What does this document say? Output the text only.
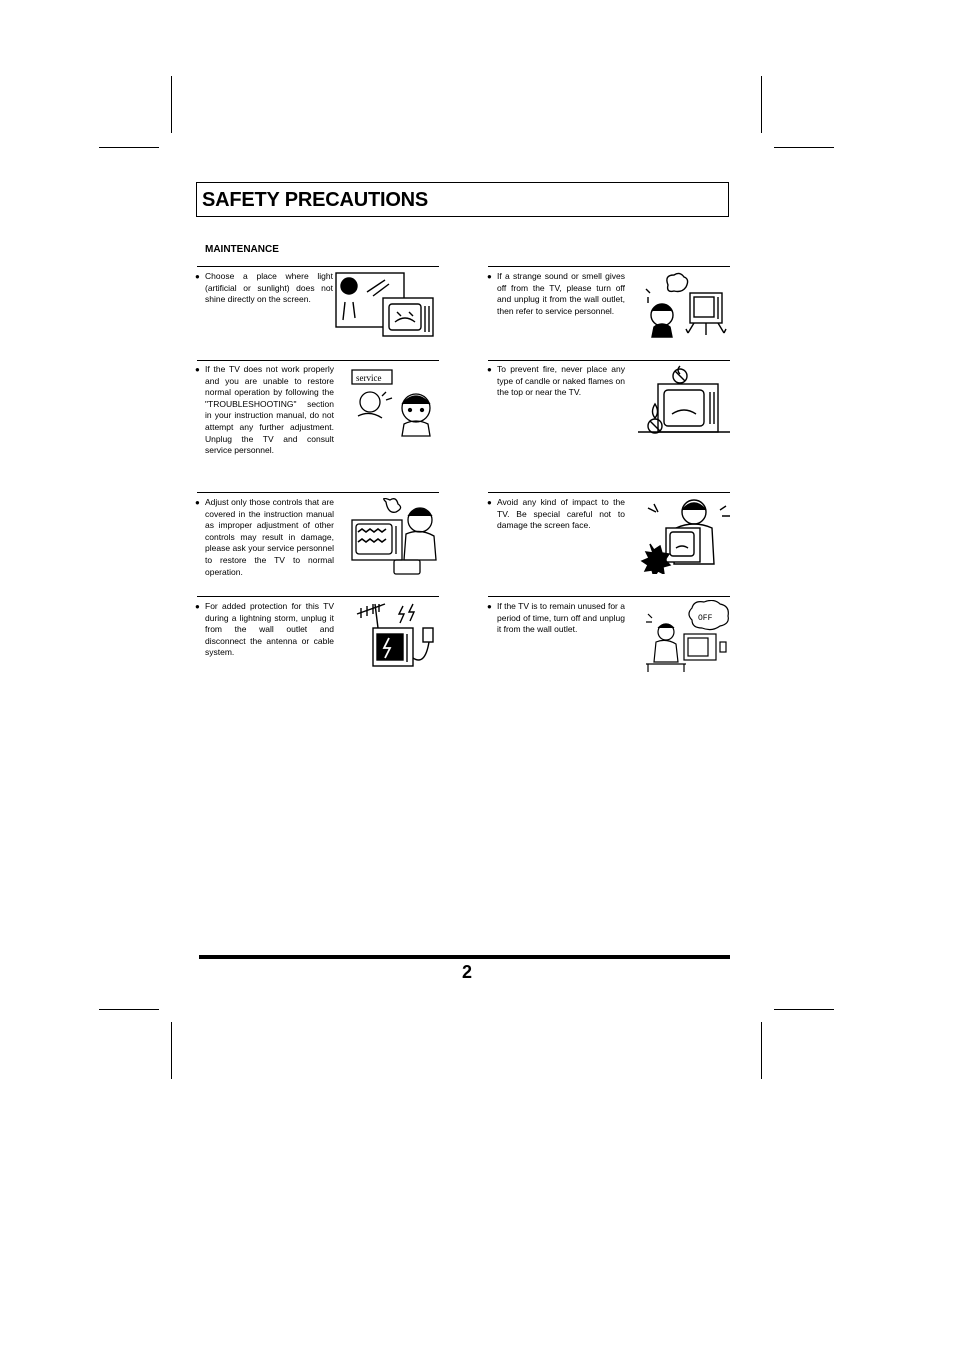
SAFETY PRECAUTIONS
MAINTENANCE
● Choose a place where light (artificial or sunlight) does not shine directly on the screen.
● If a strange sound or smell gives off from the TV, please turn off and unplug it from the wall outlet, then refer to service personnel.
● If the TV does not work properly and you are unable to restore normal operation by following the "TROUBLESHOOTING" section in your instruction manual, do not attempt any further adjustment. Unplug the TV and consult service personnel.
● To prevent fire, never place any type of candle or naked flames on the top or near the TV.
● Adjust only those controls that are covered in the instruction manual as improper adjustment of other controls may result in damage, please ask your service personnel to restore the TV to normal operation.
● Avoid any kind of impact to the TV. Be special careful not to damage the screen face.
● For added protection for this TV during a lightning storm, unplug it from the wall outlet and disconnect the antenna or cable system.
● If the TV is to remain unused for a period of time, turn off and unplug it from the wall outlet.
service
OFF
2
